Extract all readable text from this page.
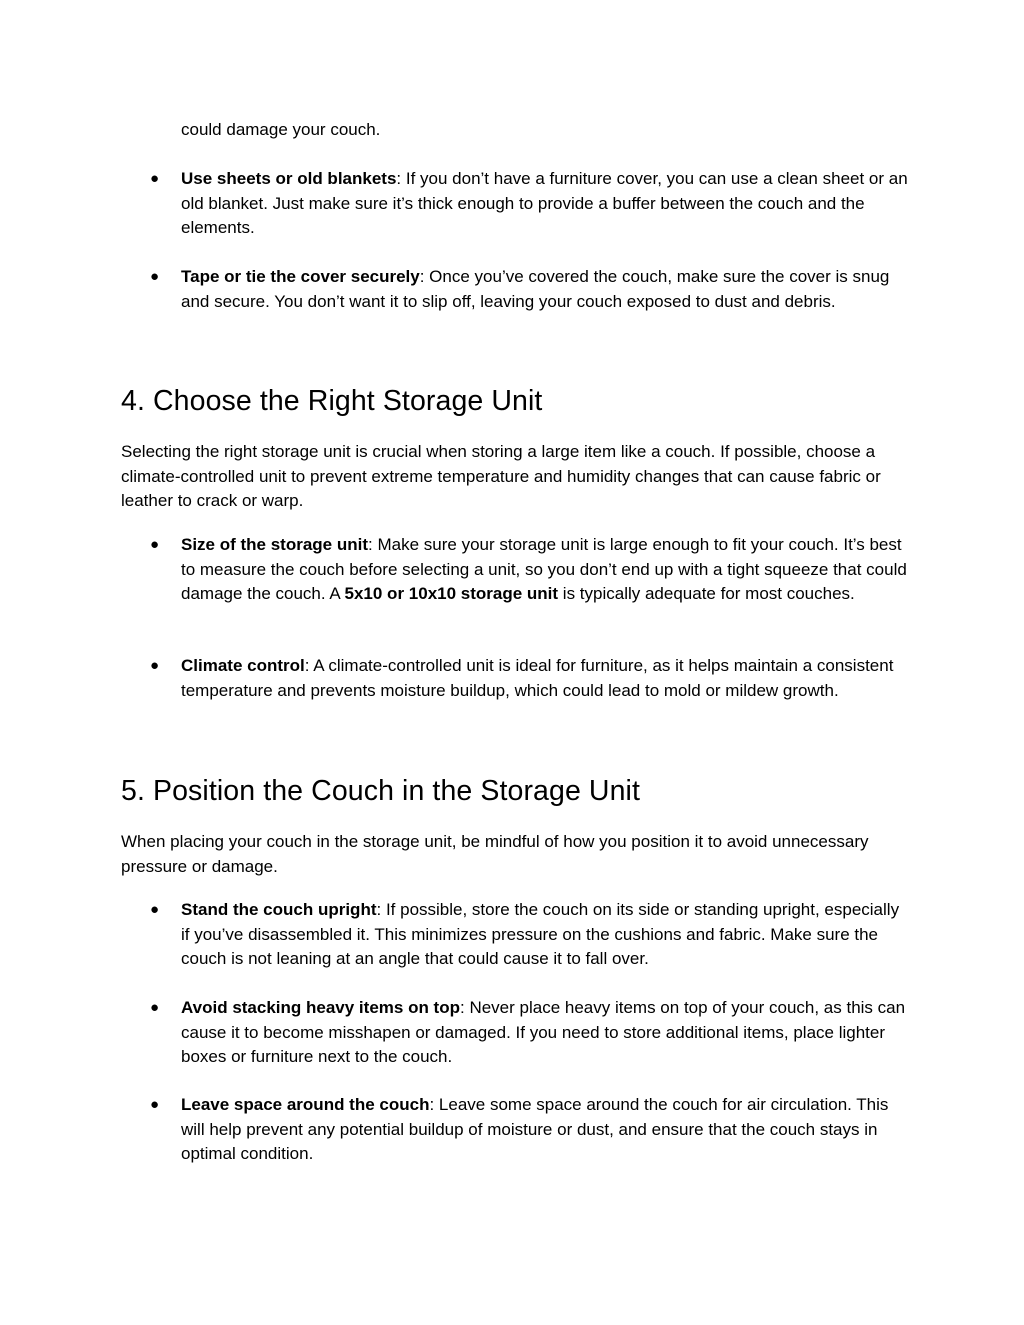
could damage your couch.
●	Use sheets or old blankets: If you don’t have a furniture cover, you can use a clean sheet or an old blanket. Just make sure it’s thick enough to provide a buffer between the couch and the elements.
●	Tape or tie the cover securely: Once you’ve covered the couch, make sure the cover is snug and secure. You don’t want it to slip off, leaving your couch exposed to dust and debris.
4. Choose the Right Storage Unit

Selecting the right storage unit is crucial when storing a large item like a couch. If possible, choose a climate-controlled unit to prevent extreme temperature and humidity changes that can cause fabric or leather to crack or warp.

●	Size of the storage unit: Make sure your storage unit is large enough to fit your couch. It’s best to measure the couch before selecting a unit, so you don’t end up with a tight squeeze that could damage the couch. A 5x10 or 10x10 storage unit is typically adequate for most couches.
●	Climate control: A climate-controlled unit is ideal for furniture, as it helps maintain a consistent temperature and prevents moisture buildup, which could lead to mold or mildew growth.
5. Position the Couch in the Storage Unit

When placing your couch in the storage unit, be mindful of how you position it to avoid unnecessary pressure or damage.

●	Stand the couch upright: If possible, store the couch on its side or standing upright, especially if you’ve disassembled it. This minimizes pressure on the cushions and fabric. Make sure the couch is not leaning at an angle that could cause it to fall over.
●	Avoid stacking heavy items on top: Never place heavy items on top of your couch, as this can cause it to become misshapen or damaged. If you need to store additional items, place lighter boxes or furniture next to the couch.
●	Leave space around the couch: Leave some space around the couch for air circulation. This will help prevent any potential buildup of moisture or dust, and ensure that the couch stays in optimal condition.
